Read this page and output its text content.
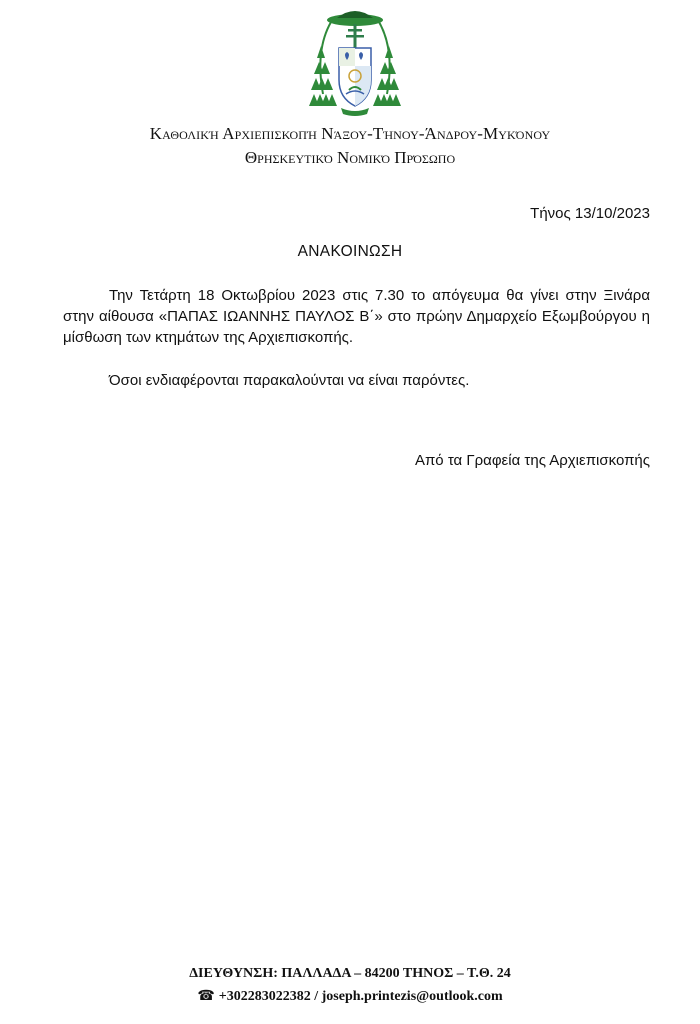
Καθολική Αρχιεπισκοπή Νάξου-Τήνου-Άνδρου-Μυκόνου
Θρησκευτικό Νομικό Πρόσωπο
Τήνος 13/10/2023
ΑΝΑΚΟΙΝΩΣΗ
Την Τετάρτη 18 Οκτωβρίου 2023 στις 7.30 το απόγευμα θα γίνει στην Ξινάρα στην αίθουσα «ΠΑΠΑΣ ΙΩΑΝΝΗΣ ΠΑΥΛΟΣ Β΄» στο πρώην Δημαρχείο Εξωμβούργου η μίσθωση των κτημάτων της Αρχιεπισκοπής.
Όσοι ενδιαφέρονται παρακαλούνται να είναι παρόντες.
Από τα Γραφεία της Αρχιεπισκοπής
ΔΙΕΥΘΥΝΣΗ: ΠΑΛΛΑΔΑ – 84200 ΤΗΝΟΣ – Τ.Θ. 24
☎ +302283022382 / joseph.printezis@outlook.com
